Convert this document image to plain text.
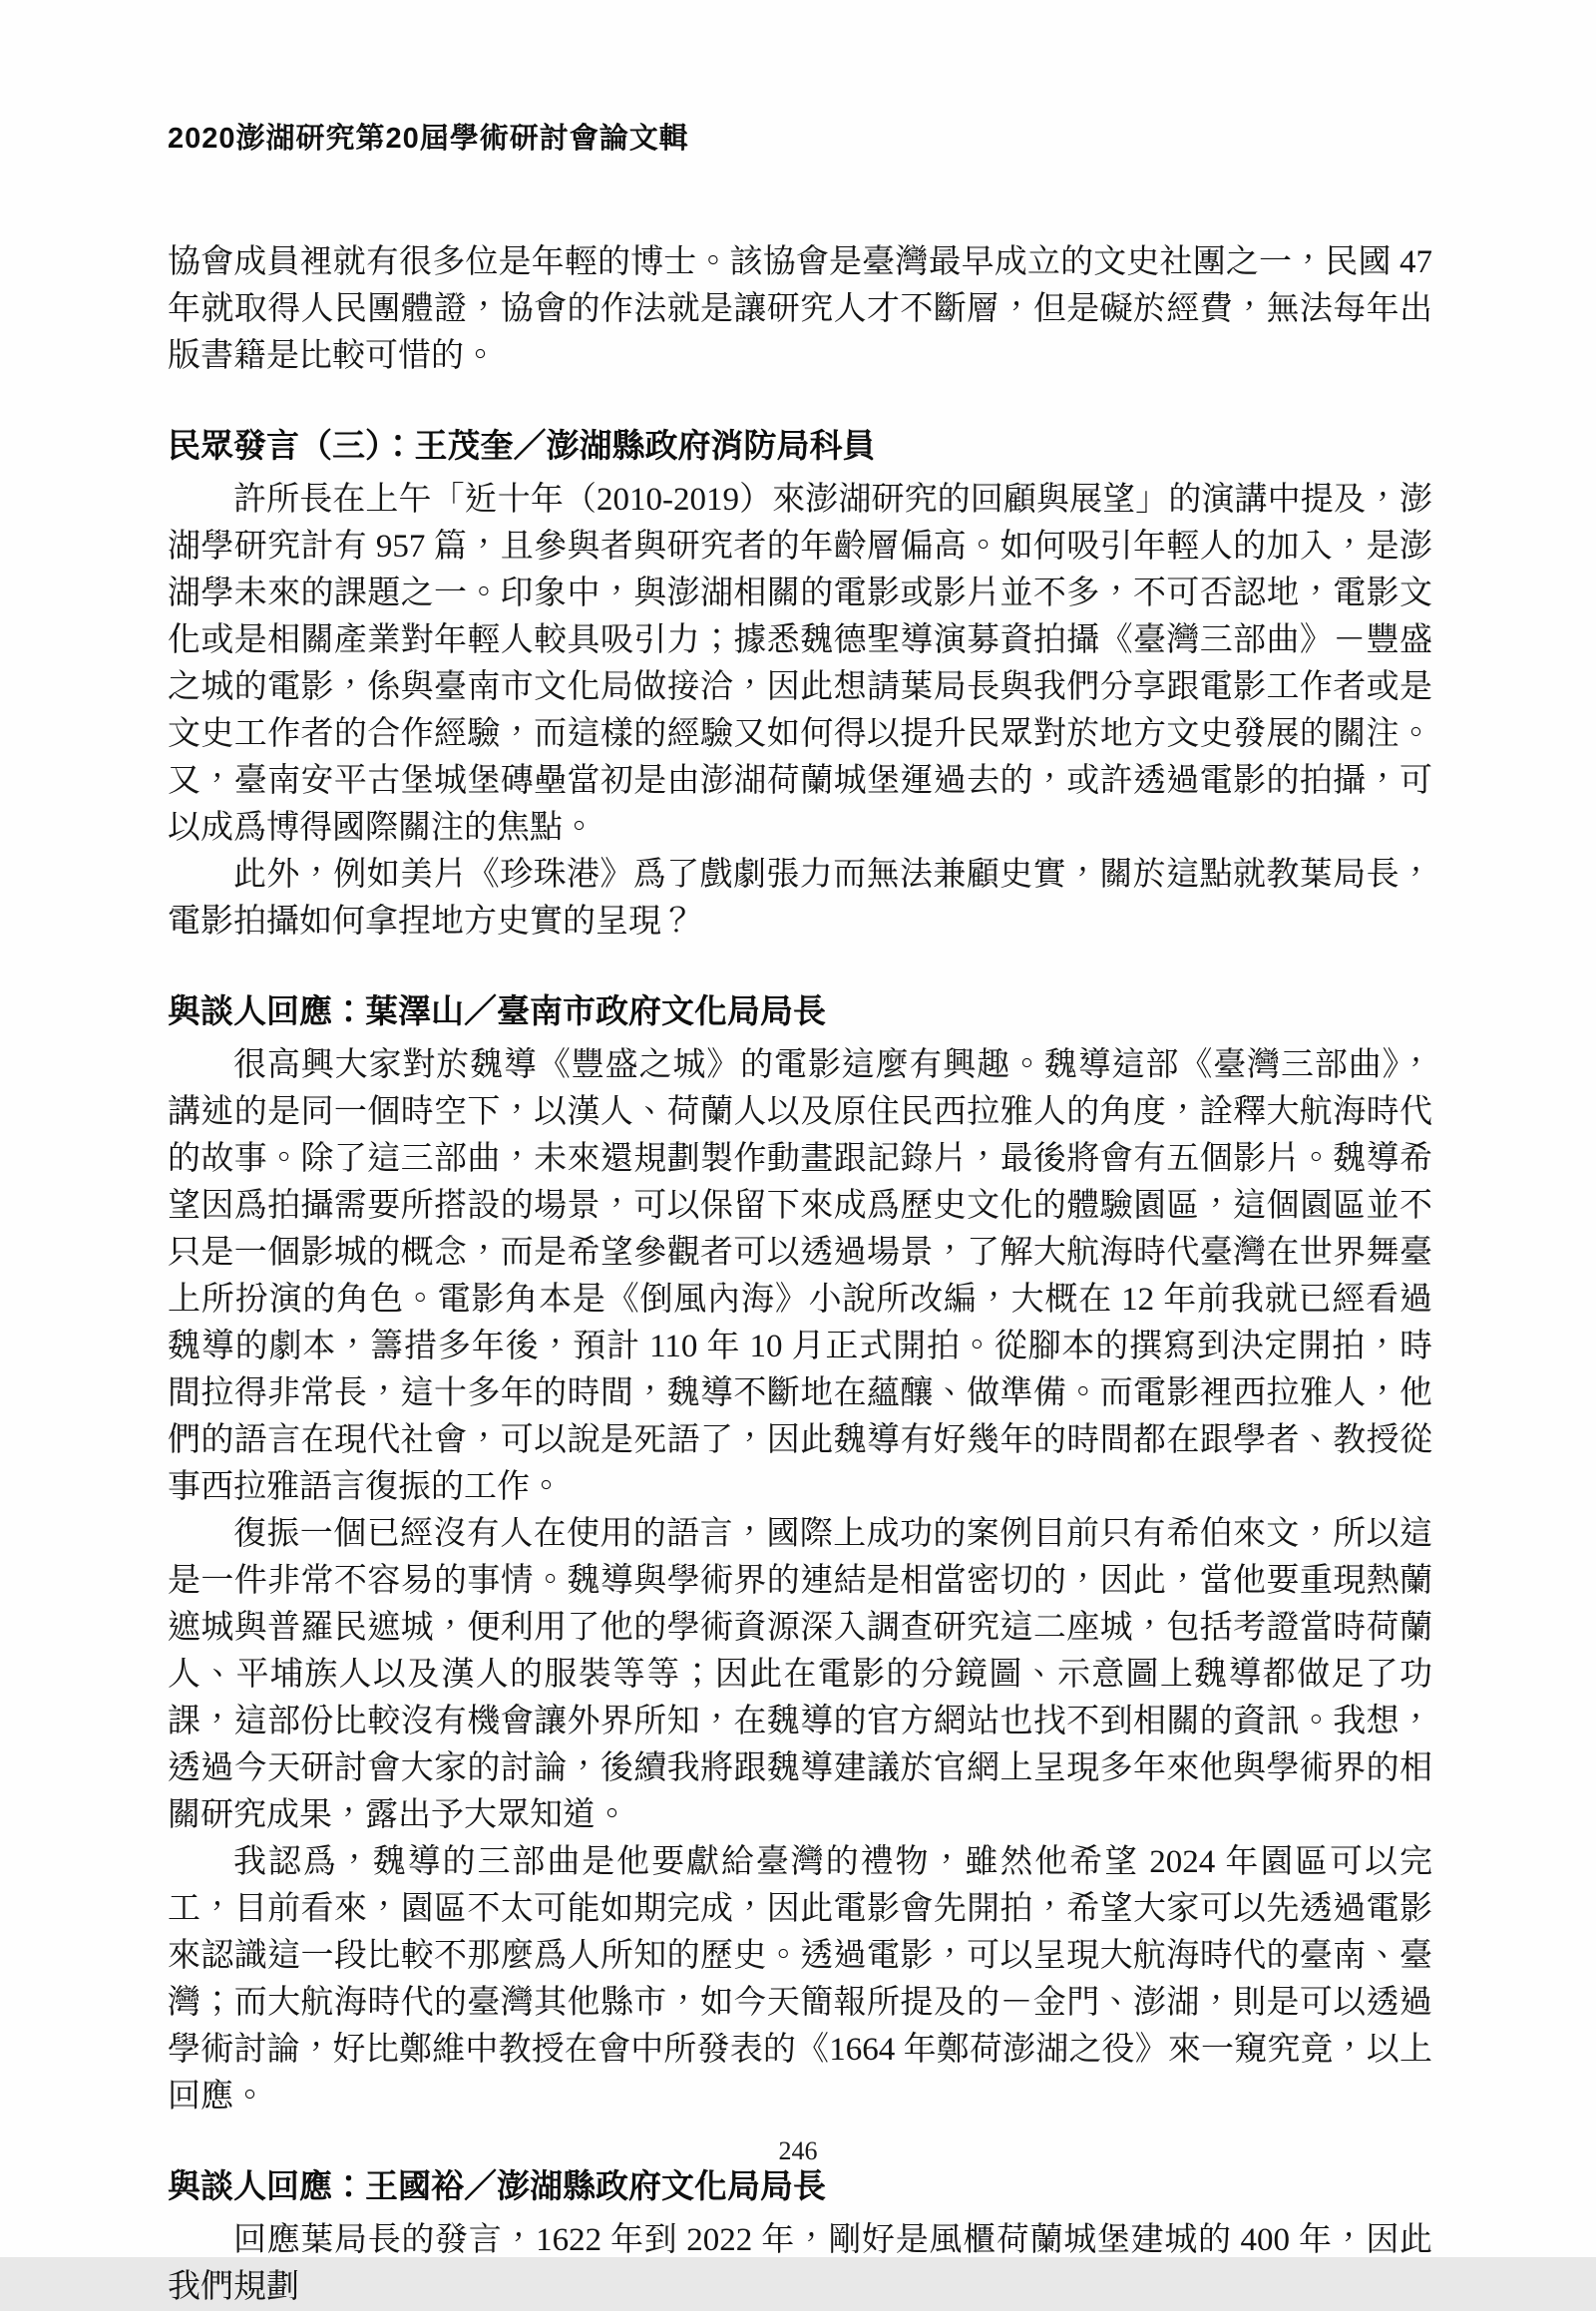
2020澎湖研究第20屆學術研討會論文輯

協會成員裡就有很多位是年輕的博士。該協會是臺灣最早成立的文史社團之一，民國 47 年就取得人民團體證，協會的作法就是讓研究人才不斷層，但是礙於經費，無法每年出版書籍是比較可惜的。

民眾發言（三）：王茂奎／澎湖縣政府消防局科員

許所長在上午「近十年（2010-2019）來澎湖研究的回顧與展望」的演講中提及，澎湖學研究計有 957 篇，且參與者與研究者的年齡層偏高。如何吸引年輕人的加入，是澎湖學未來的課題之一。印象中，與澎湖相關的電影或影片並不多，不可否認地，電影文化或是相關產業對年輕人較具吸引力；據悉魏德聖導演募資拍攝《臺灣三部曲》－豐盛之城的電影，係與臺南市文化局做接洽，因此想請葉局長與我們分享跟電影工作者或是文史工作者的合作經驗，而這樣的經驗又如何得以提升民眾對於地方文史發展的關注。又，臺南安平古堡城堡磚壘當初是由澎湖荷蘭城堡運過去的，或許透過電影的拍攝，可以成爲博得國際關注的焦點。

此外，例如美片《珍珠港》爲了戲劇張力而無法兼顧史實，關於這點就教葉局長，電影拍攝如何拿捏地方史實的呈現？

與談人回應：葉澤山／臺南市政府文化局局長

很高興大家對於魏導《豐盛之城》的電影這麼有興趣。魏導這部《臺灣三部曲》，講述的是同一個時空下，以漢人、荷蘭人以及原住民西拉雅人的角度，詮釋大航海時代的故事。除了這三部曲，未來還規劃製作動畫跟記錄片，最後將會有五個影片。魏導希望因爲拍攝需要所搭設的場景，可以保留下來成爲歷史文化的體驗園區，這個園區並不只是一個影城的概念，而是希望參觀者可以透過場景，了解大航海時代臺灣在世界舞臺上所扮演的角色。電影角本是《倒風內海》小說所改編，大概在 12 年前我就已經看過魏導的劇本，籌措多年後，預計 110 年 10 月正式開拍。從腳本的撰寫到決定開拍，時間拉得非常長，這十多年的時間，魏導不斷地在蘊釀、做準備。而電影裡西拉雅人，他們的語言在現代社會，可以說是死語了，因此魏導有好幾年的時間都在跟學者、教授從事西拉雅語言復振的工作。

復振一個已經沒有人在使用的語言，國際上成功的案例目前只有希伯來文，所以這是一件非常不容易的事情。魏導與學術界的連結是相當密切的，因此，當他要重現熱蘭遮城與普羅民遮城，便利用了他的學術資源深入調查研究這二座城，包括考證當時荷蘭人、平埔族人以及漢人的服裝等等；因此在電影的分鏡圖、示意圖上魏導都做足了功課，這部份比較沒有機會讓外界所知，在魏導的官方網站也找不到相關的資訊。我想，透過今天研討會大家的討論，後續我將跟魏導建議於官網上呈現多年來他與學術界的相關研究成果，露出予大眾知道。

我認爲，魏導的三部曲是他要獻給臺灣的禮物，雖然他希望 2024 年園區可以完工，目前看來，園區不太可能如期完成，因此電影會先開拍，希望大家可以先透過電影來認識這一段比較不那麼爲人所知的歷史。透過電影，可以呈現大航海時代的臺南、臺灣；而大航海時代的臺灣其他縣市，如今天簡報所提及的－金門、澎湖，則是可以透過學術討論，好比鄭維中教授在會中所發表的《1664 年鄭荷澎湖之役》來一窺究竟，以上回應。

與談人回應：王國裕／澎湖縣政府文化局局長

回應葉局長的發言，1622 年到 2022 年，剛好是風櫃荷蘭城堡建城的 400 年，因此我們規劃

246
